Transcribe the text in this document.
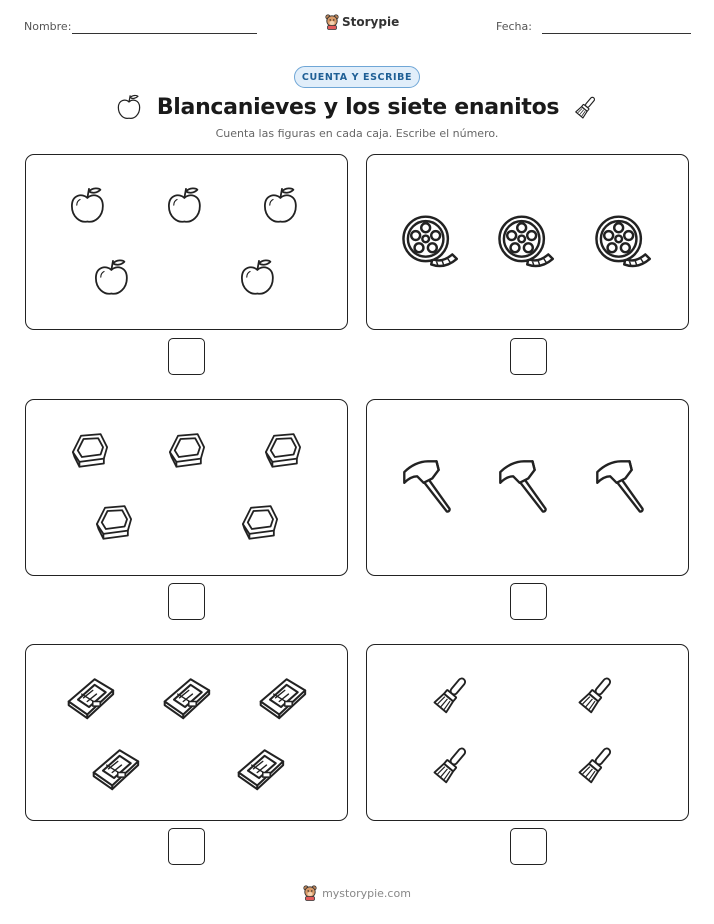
Nombre:	Storypie	Fecha:
CUENTA Y ESCRIBE
Blancanieves y los siete enanitos
Cuenta las figuras en cada caja. Escribe el número.
mystorypie.com
